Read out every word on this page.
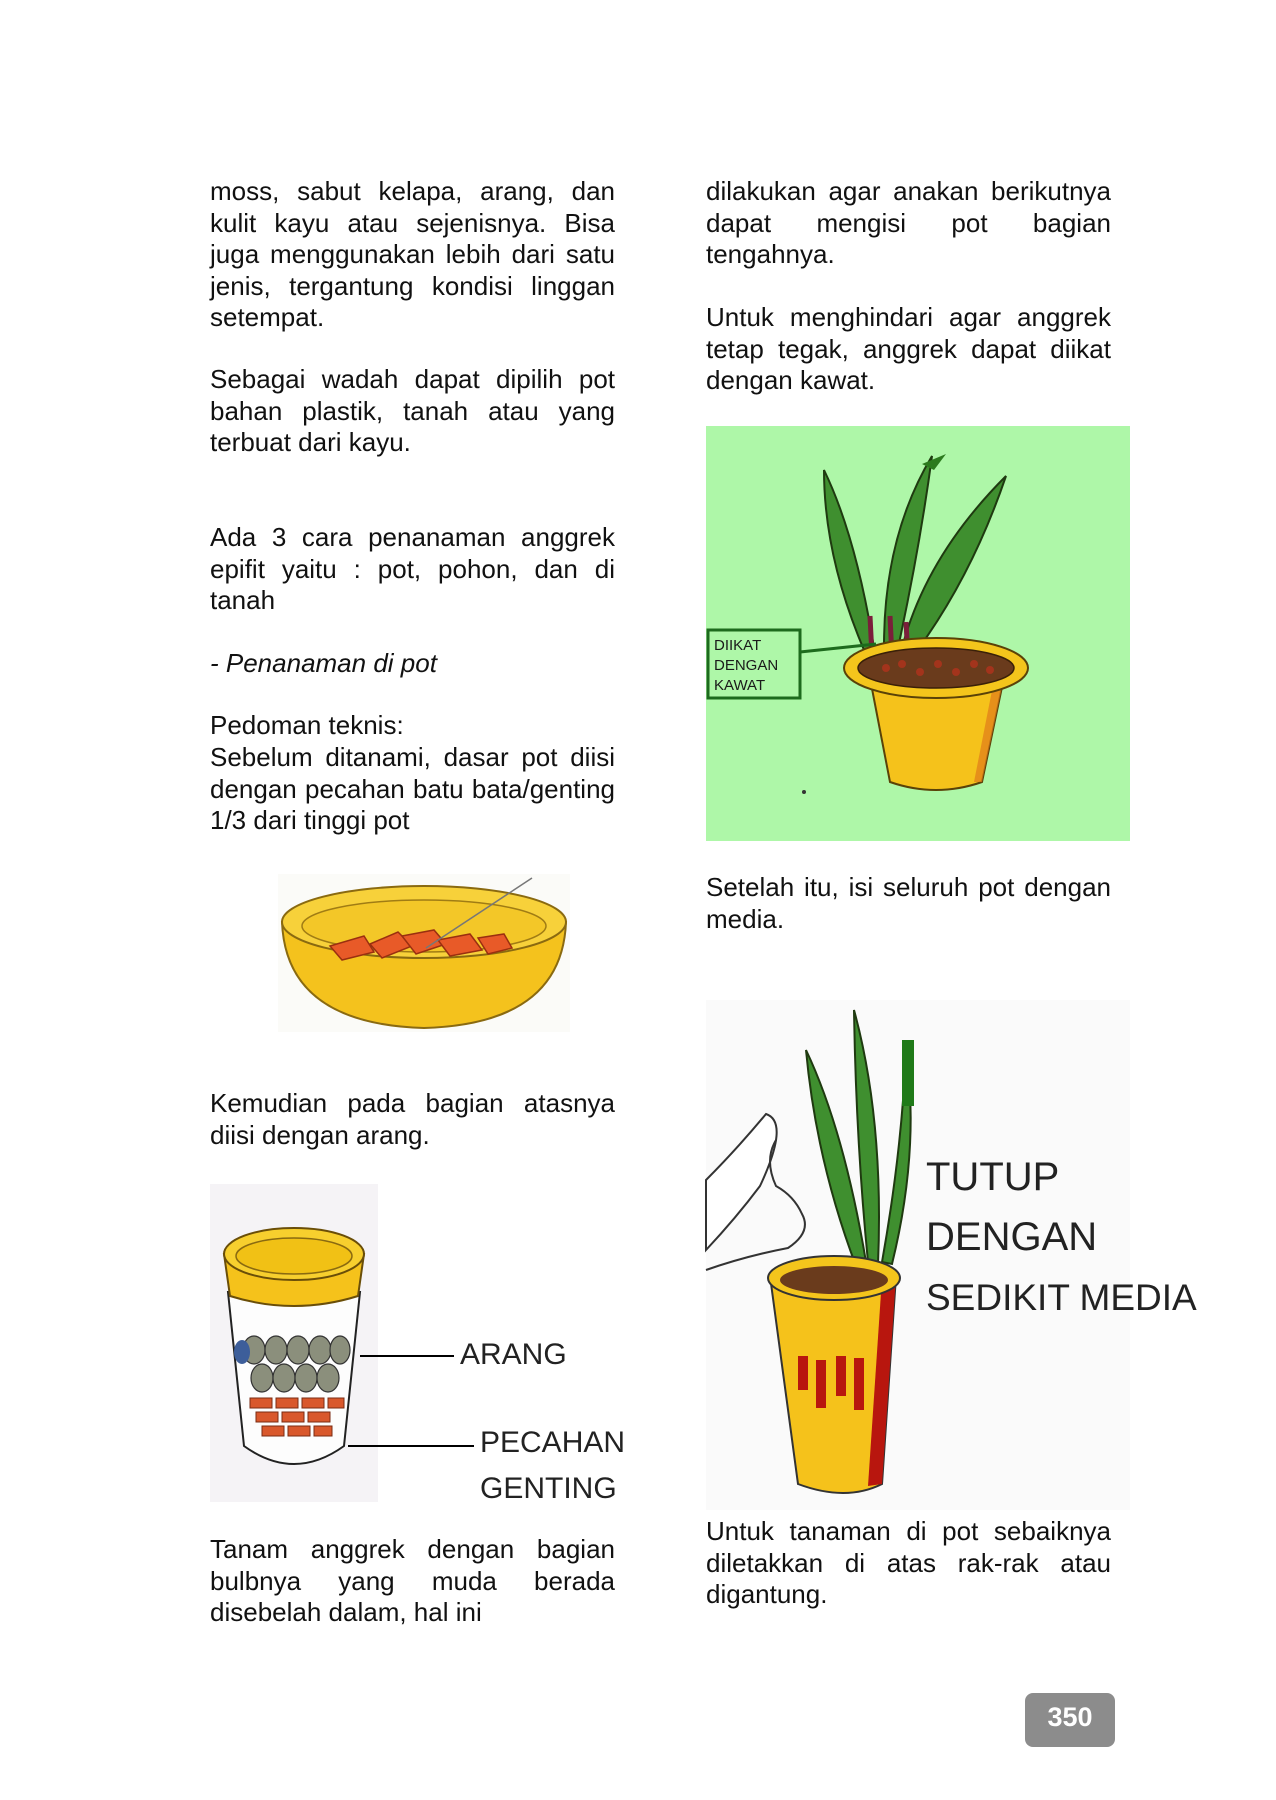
moss, sabut kelapa, arang, dan kulit kayu atau sejenisnya. Bisa juga menggunakan lebih dari satu jenis, tergantung kondisi linggan setempat.

Sebagai wadah dapat dipilih pot bahan plastik, tanah atau yang terbuat dari kayu.

Ada 3 cara penanaman anggrek epifit yaitu : pot, pohon, dan di tanah

- Penanaman di pot

Pedoman teknis:

Sebelum ditanami, dasar pot diisi dengan pecahan batu bata/genting 1/3 dari tinggi pot

Kemudian pada bagian atasnya diisi dengan arang.

ARANG
PECAHAN
GENTING

Tanam anggrek dengan bagian bulbnya yang muda berada disebelah dalam, hal ini

dilakukan agar anakan berikutnya dapat mengisi pot bagian tengahnya.

Untuk menghindari agar anggrek tetap tegak, anggrek dapat diikat dengan kawat.

DIIKAT
DENGAN
KAWAT

Setelah itu, isi seluruh pot dengan media.

TUTUP
DENGAN
SEDIKIT MEDIA

Untuk tanaman di pot sebaiknya diletakkan di atas rak-rak atau digantung.

350
